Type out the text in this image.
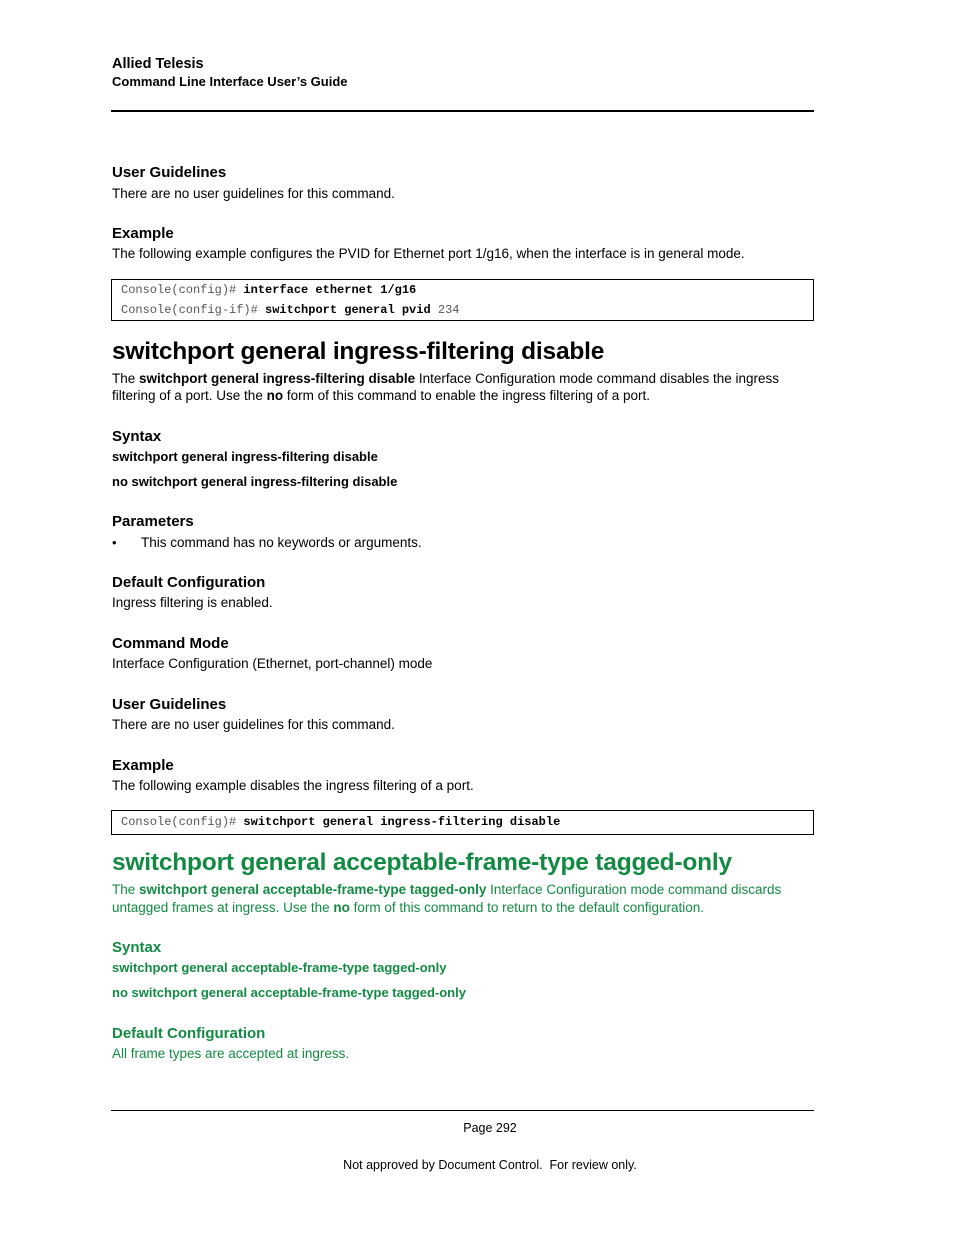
Allied Telesis
Command Line Interface User’s Guide
User Guidelines
There are no user guidelines for this command.
Example
The following example configures the PVID for Ethernet port 1/g16, when the interface is in general mode.
Console(config)# interface ethernet 1/g16
Console(config-if)# switchport general pvid 234
switchport general ingress-filtering disable
The switchport general ingress-filtering disable Interface Configuration mode command disables the ingress filtering of a port. Use the no form of this command to enable the ingress filtering of a port.
Syntax
switchport general ingress-filtering disable
no switchport general ingress-filtering disable
Parameters
• This command has no keywords or arguments.
Default Configuration
Ingress filtering is enabled.
Command Mode
Interface Configuration (Ethernet, port-channel) mode
User Guidelines
There are no user guidelines for this command.
Example
The following example disables the ingress filtering of a port.
Console(config)# switchport general ingress-filtering disable
switchport general acceptable-frame-type tagged-only
The switchport general acceptable-frame-type tagged-only Interface Configuration mode command discards untagged frames at ingress. Use the no form of this command to return to the default configuration.
Syntax
switchport general acceptable-frame-type tagged-only
no switchport general acceptable-frame-type tagged-only
Default Configuration
All frame types are accepted at ingress.
Page 292
Not approved by Document Control.  For review only.
